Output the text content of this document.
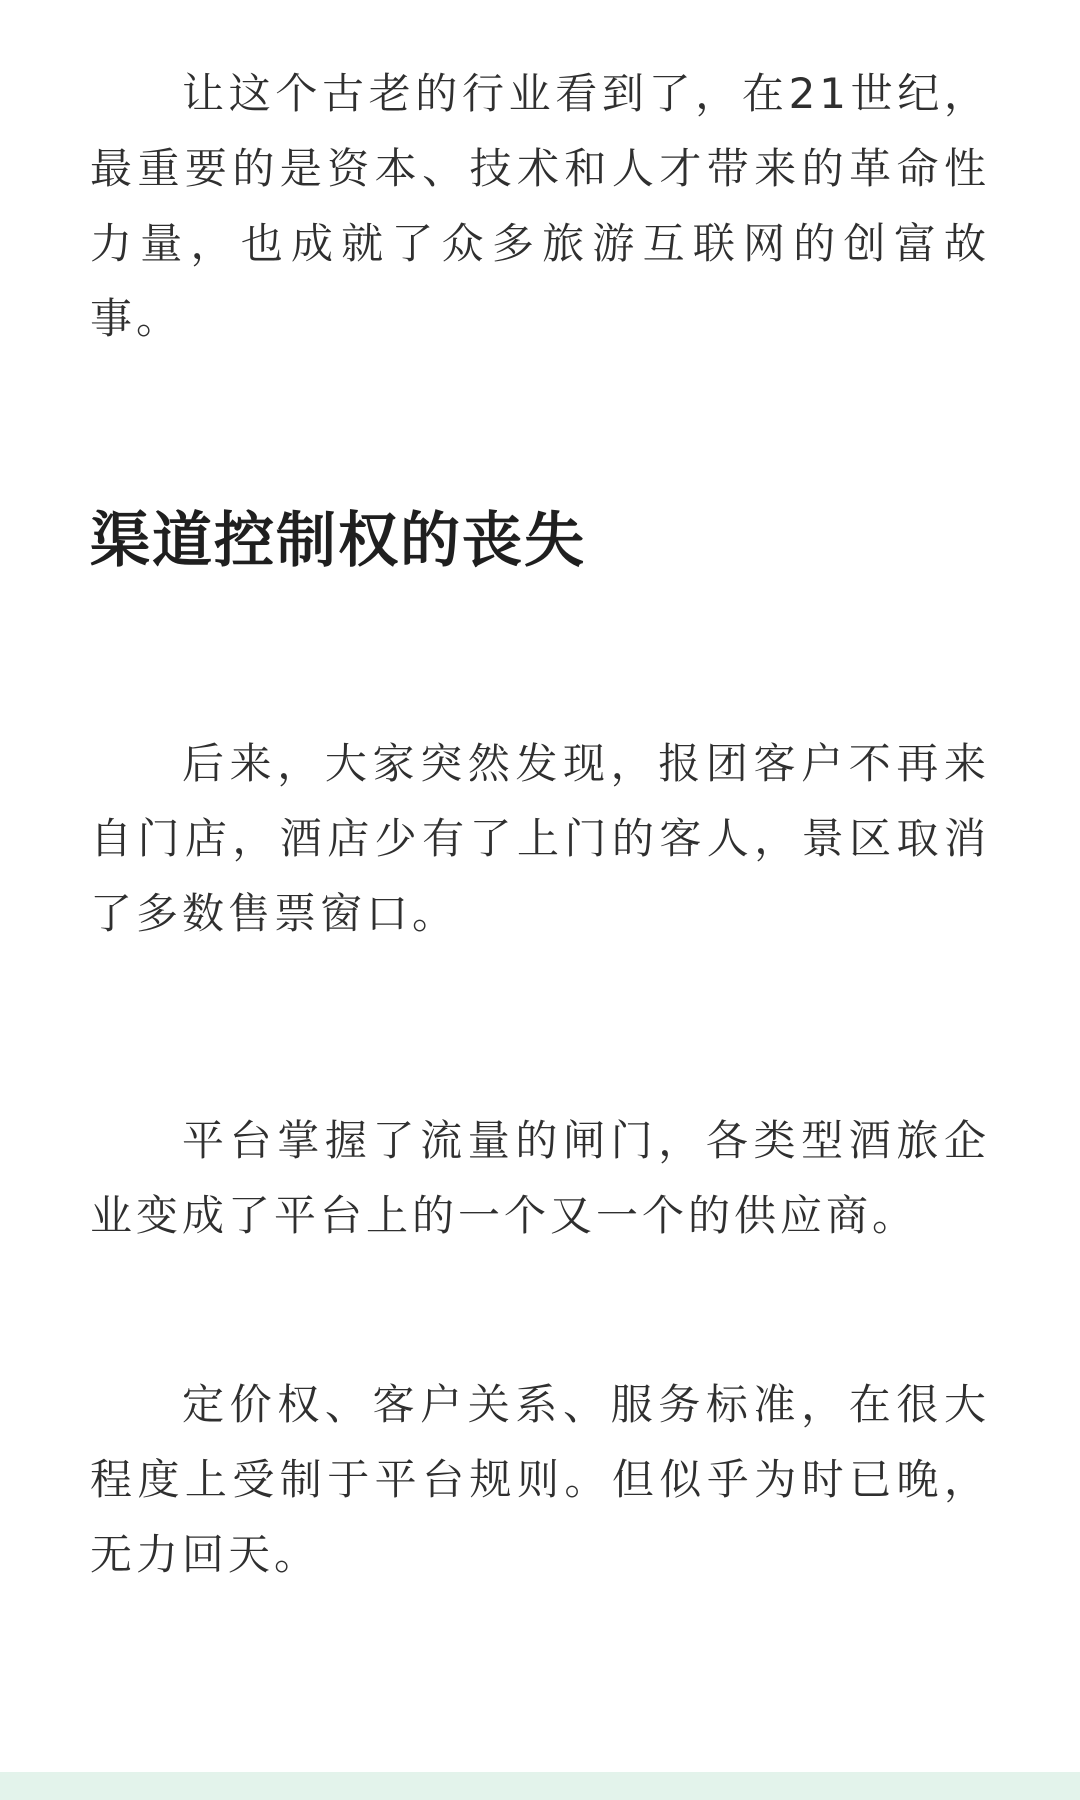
让这个古老的行业看到了，在21世纪，最重要的是资本、技术和人才带来的革命性力量，也成就了众多旅游互联网的创富故事。

渠道控制权的丧失

后来，大家突然发现，报团客户不再来自门店，酒店少有了上门的客人，景区取消了多数售票窗口。

平台掌握了流量的闸门，各类型酒旅企业变成了平台上的一个又一个的供应商。

定价权、客户关系、服务标准，在很大程度上受制于平台规则。但似乎为时已晚，无力回天。
